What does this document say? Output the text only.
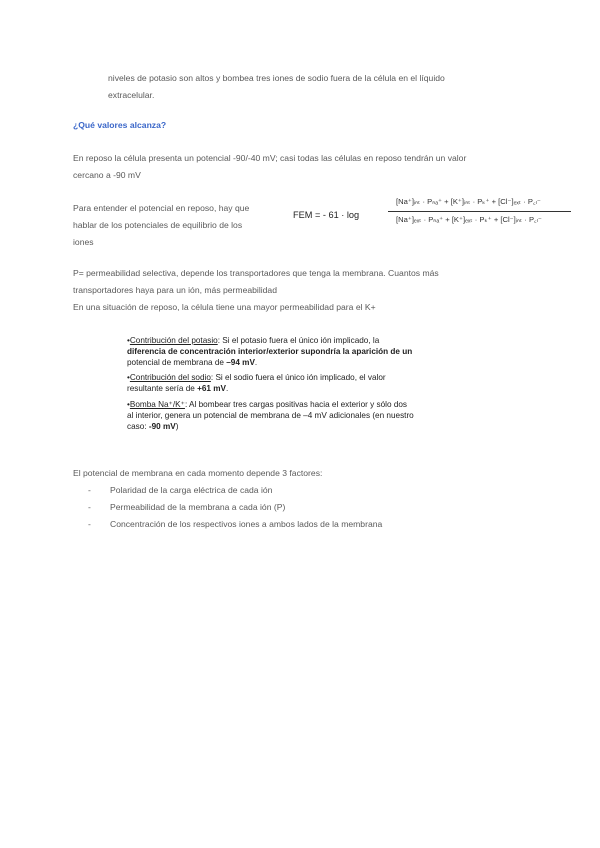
niveles de potasio son altos y bombea tres iones de sodio fuera de la célula en el líquido

extracelular.

¿Qué valores alcanza?

En reposo la célula presenta un potencial -90/-40 mV; casi todas las células en reposo tendrán un valor

cercano a -90 mV

Para entender el potencial en reposo, hay que

hablar de los potenciales de equilibrio de los

iones

FEM = - 61 · log
[Na⁺]ᵢₙₜ · Pₙₐ⁺ + [K⁺]ᵢₙₜ · Pₖ⁺ + [Cl⁻]ₑₓₜ · P꜀ₗ⁻
[Na⁺]ₑₓₜ · Pₙₐ⁺ + [K⁺]ₑₓₜ · Pₖ⁺ + [Cl⁻]ᵢₙₜ · P꜀ₗ⁻

P= permeabilidad selectiva, depende los transportadores que tenga la membrana. Cuantos más

transportadores haya para un ión, más permeabilidad

En una situación de reposo, la célula tiene una mayor permeabilidad para el K+

•Contribución del potasio: Si el potasio fuera el único ión implicado, la
diferencia de concentración interior/exterior supondría la aparición de un
potencial de membrana de –94 mV.

•Contribución del sodio: Si el sodio fuera el único ión implicado, el valor
resultante sería de +61 mV.

•Bomba Na⁺/K⁺: Al bombear tres cargas positivas hacia el exterior y sólo dos
al interior, genera un potencial de membrana de –4 mV adicionales (en nuestro
caso: -90 mV)

El potencial de membrana en cada momento depende 3 factores:

- Polaridad de la carga eléctrica de cada ión
- Permeabilidad de la membrana a cada ión (P)
- Concentración de los respectivos iones a ambos lados de la membrana
